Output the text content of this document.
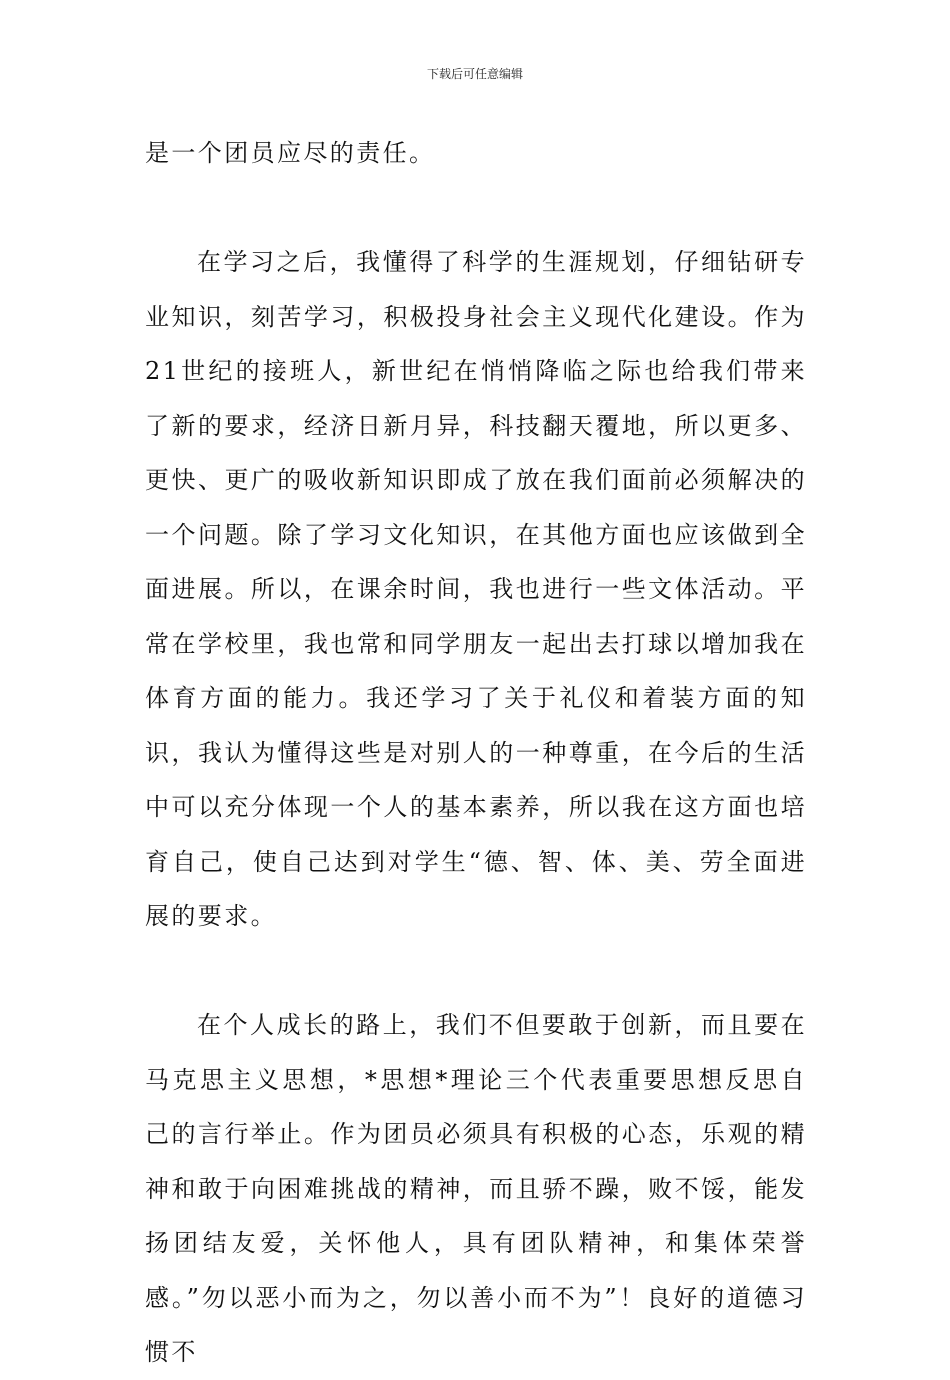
下载后可任意编辑

是一个团员应尽的责任。

在学习之后，我懂得了科学的生涯规划，仔细钻研专业知识，刻苦学习，积极投身社会主义现代化建设。作为21世纪的接班人，新世纪在悄悄降临之际也给我们带来了新的要求，经济日新月异，科技翻天覆地，所以更多、更快、更广的吸收新知识即成了放在我们面前必须解决的一个问题。除了学习文化知识，在其他方面也应该做到全面进展。所以，在课余时间，我也进行一些文体活动。平常在学校里，我也常和同学朋友一起出去打球以增加我在体育方面的能力。我还学习了关于礼仪和着装方面的知识，我认为懂得这些是对别人的一种尊重，在今后的生活中可以充分体现一个人的基本素养，所以我在这方面也培育自己，使自己达到对学生“德、智、体、美、劳全面进展的要求。

在个人成长的路上，我们不但要敢于创新，而且要在马克思主义思想，*思想*理论三个代表重要思想反思自己的言行举止。作为团员必须具有积极的心态，乐观的精神和敢于向困难挑战的精神，而且骄不躁，败不馁，能发扬团结友爱，关怀他人，具有团队精神，和集体荣誉感。”勿以恶小而为之，勿以善小而不为”！良好的道德习惯不
